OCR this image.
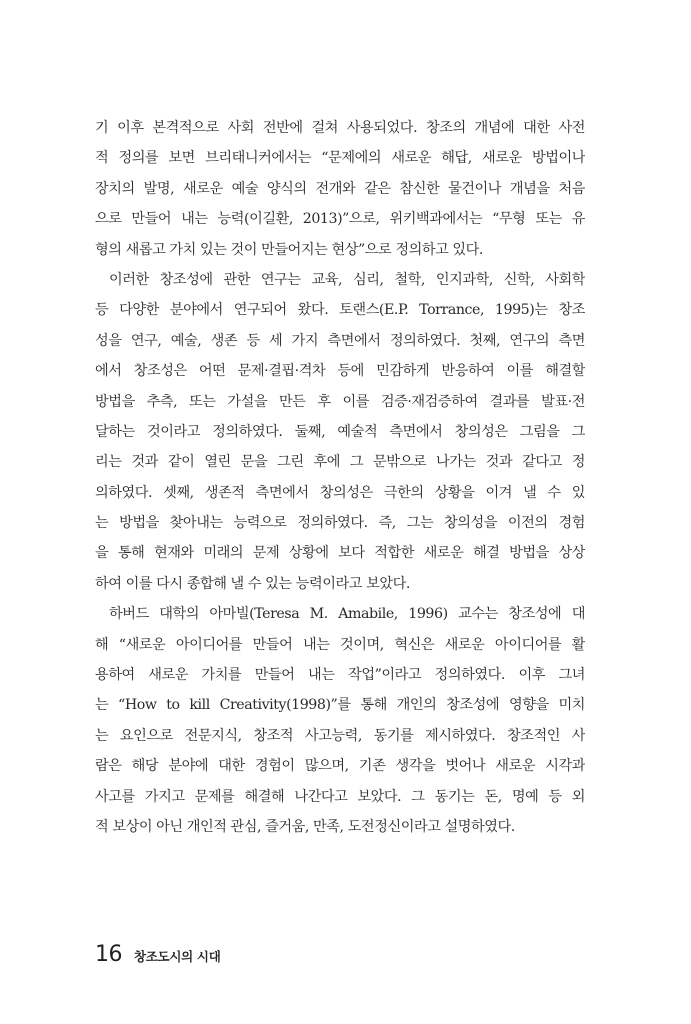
기 이후 본격적으로 사회 전반에 걸쳐 사용되었다. 창조의 개념에 대한 사전
적 정의를 보면 브리태니커에서는 “문제에의 새로운 해답, 새로운 방법이나
장치의 발명, 새로운 예술 양식의 전개와 같은 참신한 물건이나 개념을 처음
으로 만들어 내는 능력(이길환, 2013)”으로, 위키백과에서는 “무형 또는 유
형의 새롭고 가치 있는 것이 만들어지는 현상”으로 정의하고 있다.
이러한 창조성에 관한 연구는 교육, 심리, 철학, 인지과학, 신학, 사회학
등 다양한 분야에서 연구되어 왔다. 토랜스(E.P. Torrance, 1995)는 창조
성을 연구, 예술, 생존 등 세 가지 측면에서 정의하였다. 첫째, 연구의 측면
에서 창조성은 어떤 문제·결핍·격차 등에 민감하게 반응하여 이를 해결할
방법을 추측, 또는 가설을 만든 후 이를 검증·재검증하여 결과를 발표·전
달하는 것이라고 정의하였다. 둘째, 예술적 측면에서 창의성은 그림을 그
리는 것과 같이 열린 문을 그린 후에 그 문밖으로 나가는 것과 같다고 정
의하였다. 셋째, 생존적 측면에서 창의성은 극한의 상황을 이겨 낼 수 있
는 방법을 찾아내는 능력으로 정의하였다. 즉, 그는 창의성을 이전의 경험
을 통해 현재와 미래의 문제 상황에 보다 적합한 새로운 해결 방법을 상상
하여 이를 다시 종합해 낼 수 있는 능력이라고 보았다.
하버드 대학의 아마빌(Teresa M. Amabile, 1996) 교수는 창조성에 대
해 “새로운 아이디어를 만들어 내는 것이며, 혁신은 새로운 아이디어를 활
용하여 새로운 가치를 만들어 내는 작업”이라고 정의하였다. 이후 그녀
는 “How to kill Creativity(1998)”를 통해 개인의 창조성에 영향을 미치
는 요인으로 전문지식, 창조적 사고능력, 동기를 제시하였다. 창조적인 사
람은 해당 분야에 대한 경험이 많으며, 기존 생각을 벗어나 새로운 시각과
사고를 가지고 문제를 해결해 나간다고 보았다. 그 동기는 돈, 명예 등 외
적 보상이 아닌 개인적 관심, 즐거움, 만족, 도전정신이라고 설명하였다.
16 창조도시의 시대
